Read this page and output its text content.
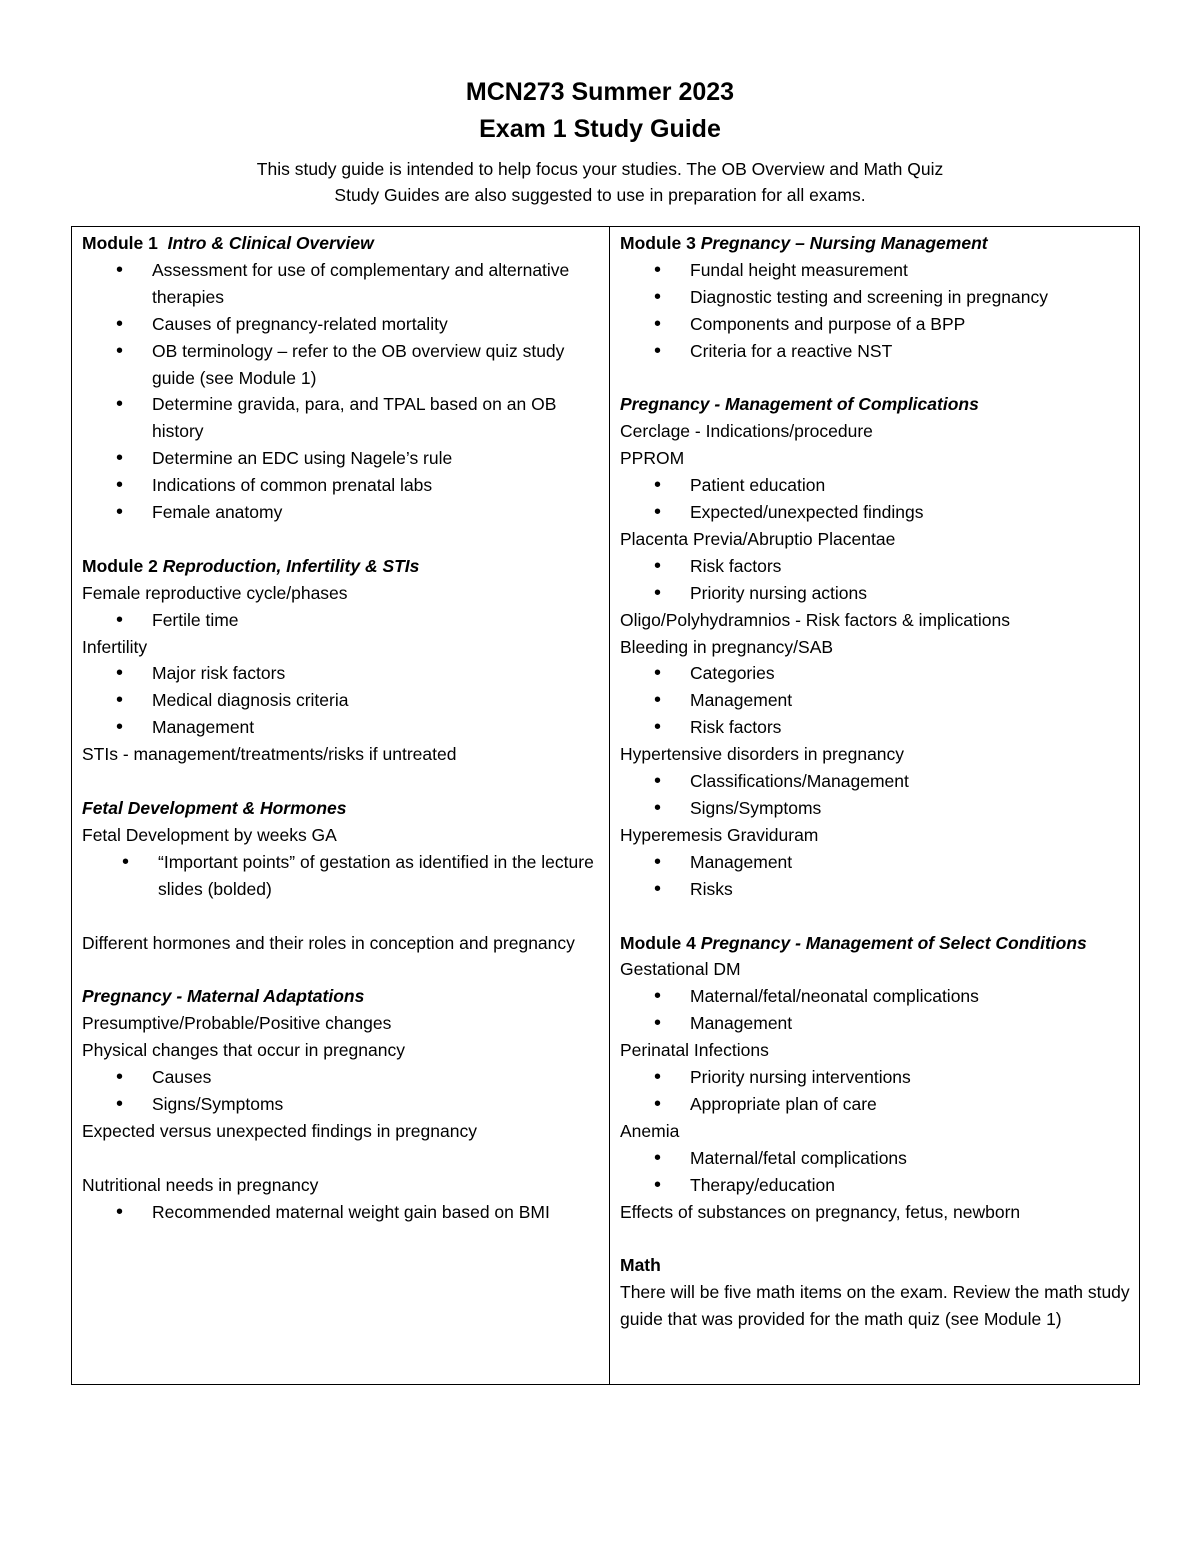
MCN273 Summer 2023
Exam 1 Study Guide
This study guide is intended to help focus your studies. The OB Overview and Math Quiz
Study Guides are also suggested to use in preparation for all exams.

Module 1 Intro & Clinical Overview

• Assessment for use of complementary and alternative therapies
• Causes of pregnancy-related mortality
• OB terminology – refer to the OB overview quiz study guide (see Module 1)
• Determine gravida, para, and TPAL based on an OB history
• Determine an EDC using Nagele’s rule
• Indications of common prenatal labs
• Female anatomy

Module 2 Reproduction, Infertility & STIs

Female reproductive cycle/phases

• Fertile time

Infertility

• Major risk factors
• Medical diagnosis criteria
• Management

STIs - management/treatments/risks if untreated

Fetal Development & Hormones

Fetal Development by weeks GA

• “Important points” of gestation as identified in the lecture slides (bolded)

Different hormones and their roles in conception and pregnancy

Pregnancy - Maternal Adaptations

Presumptive/Probable/Positive changes

Physical changes that occur in pregnancy

• Causes
• Signs/Symptoms

Expected versus unexpected findings in pregnancy

Nutritional needs in pregnancy

• Recommended maternal weight gain based on BMI

Module 3 Pregnancy – Nursing Management

• Fundal height measurement
• Diagnostic testing and screening in pregnancy
• Components and purpose of a BPP
• Criteria for a reactive NST

Pregnancy - Management of Complications

Cerclage - Indications/procedure

PPROM

• Patient education
• Expected/unexpected findings

Placenta Previa/Abruptio Placentae

• Risk factors
• Priority nursing actions

Oligo/Polyhydramnios - Risk factors & implications

Bleeding in pregnancy/SAB

• Categories
• Management
• Risk factors

Hypertensive disorders in pregnancy

• Classifications/Management
• Signs/Symptoms

Hyperemesis Graviduram

• Management
• Risks

Module 4 Pregnancy - Management of Select Conditions

Gestational DM

• Maternal/fetal/neonatal complications
• Management

Perinatal Infections

• Priority nursing interventions
• Appropriate plan of care

Anemia

• Maternal/fetal complications
• Therapy/education

Effects of substances on pregnancy, fetus, newborn

Math

There will be five math items on the exam. Review the math study guide that was provided for the math quiz (see Module 1)
